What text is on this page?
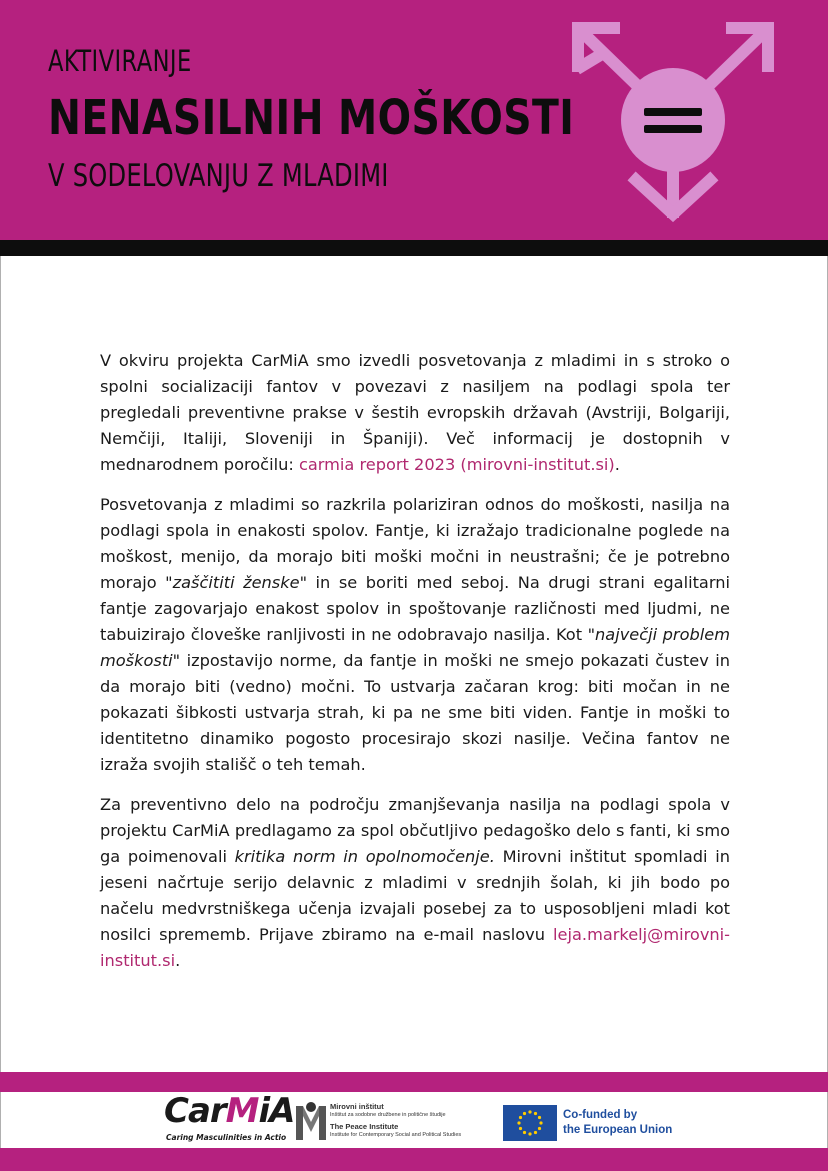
AKTIVIRANJE
NENASILNIH MOŠKOSTI
V SODELOVANJU Z MLADIMI

V okviru projekta CarMiA smo izvedli posvetovanja z mladimi in s stroko o spolni socializaciji fantov v povezavi z nasiljem na podlagi spola ter pregledali preventivne prakse v šestih evropskih državah (Avstriji, Bolgariji, Nemčiji, Italiji, Sloveniji in Španiji). Več informacij je dostopnih v mednarodnem poročilu: carmia report 2023 (mirovni-institut.si).

Posvetovanja z mladimi so razkrila polariziran odnos do moškosti, nasilja na podlagi spola in enakosti spolov. Fantje, ki izražajo tradicionalne poglede na moškost, menijo, da morajo biti moški močni in neustrašni; če je potrebno morajo "zaščititi ženske" in se boriti med seboj. Na drugi strani egalitarni fantje zagovarjajo enakost spolov in spoštovanje različnosti med ljudmi, ne tabuizirajo človeške ranljivosti in ne odobravajo nasilja. Kot "največji problem moškosti" izpostavijo norme, da fantje in moški ne smejo pokazati čustev in da morajo biti (vedno) močni. To ustvarja začaran krog: biti močan in ne pokazati šibkosti ustvarja strah, ki pa ne sme biti viden. Fantje in moški to identitetno dinamiko pogosto procesirajo skozi nasilje. Večina fantov ne izraža svojih stališč o teh temah.

Za preventivno delo na področju zmanjševanja nasilja na podlagi spola v projektu CarMiA predlagamo za spol občutljivo pedagoško delo s fanti, ki smo ga poimenovali kritika norm in opolnomočenje. Mirovni inštitut spomladi in jeseni načrtuje serijo delavnic z mladimi v srednjih šolah, ki jih bodo po načelu medvrstniškega učenja izvajali posebej za to usposobljeni mladi kot nosilci sprememb. Prijave zbiramo na e-mail naslovu leja.markelj@mirovni-institut.si.

CarMiA
Caring Masculinities in Actio
Mirovni inštitut
Inštitut za sodobne družbene in politične študije
The Peace Institute
Institute for Contemporary Social and Political Studies
Co-funded by
the European Union
